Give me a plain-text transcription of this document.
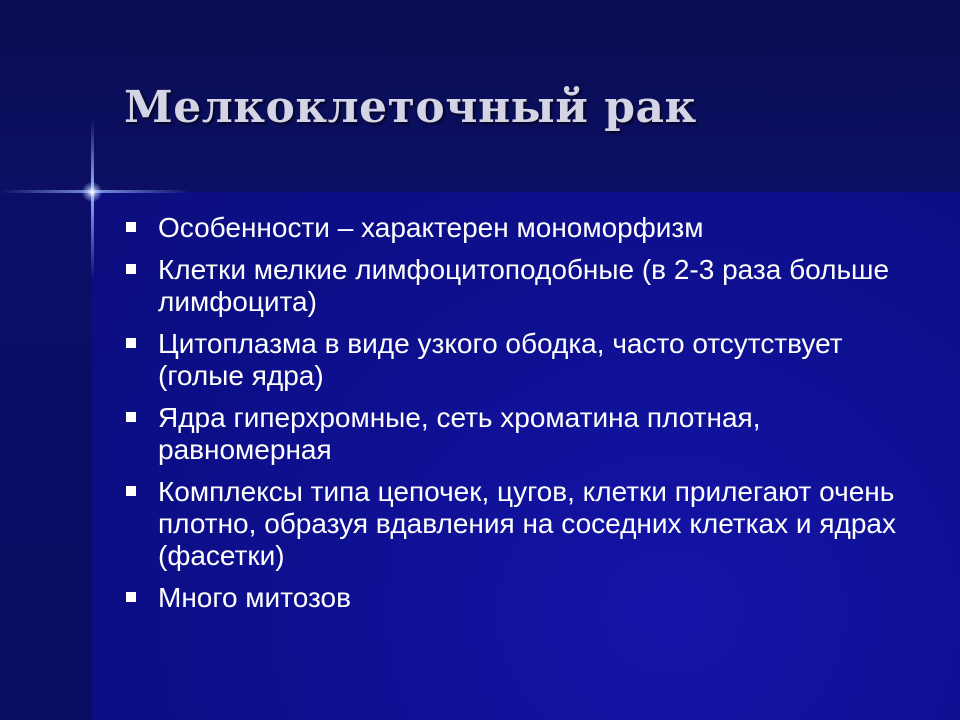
Мелкоклеточный рак
Особенности – характерен мономорфизм
Клетки мелкие лимфоцитоподобные (в 2-3 раза больше лимфоцита)
Цитоплазма в виде узкого ободка, часто отсутствует (голые ядра)
Ядра гиперхромные, сеть хроматина плотная, равномерная
Комплексы типа цепочек, цугов, клетки прилегают очень плотно, образуя вдавления на соседних клетках и ядрах (фасетки)
Много митозов
